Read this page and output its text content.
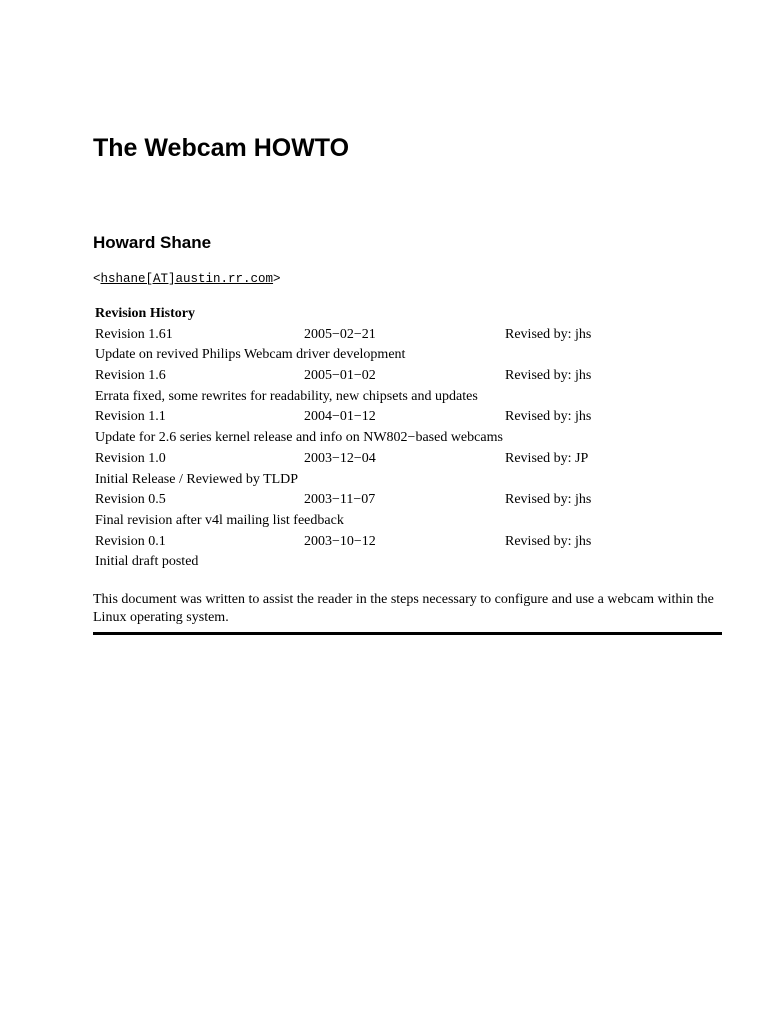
The Webcam HOWTO
Howard Shane
<hshane[AT]austin.rr.com>
Revision History
Revision 1.61	2005−02−21	Revised by: jhs
Update on revived Philips Webcam driver development
Revision 1.6	2005−01−02	Revised by: jhs
Errata fixed, some rewrites for readability, new chipsets and updates
Revision 1.1	2004−01−12	Revised by: jhs
Update for 2.6 series kernel release and info on NW802−based webcams
Revision 1.0	2003−12−04	Revised by: JP
Initial Release / Reviewed by TLDP
Revision 0.5	2003−11−07	Revised by: jhs
Final revision after v4l mailing list feedback
Revision 0.1	2003−10−12	Revised by: jhs
Initial draft posted

This document was written to assist the reader in the steps necessary to configure and use a webcam within the Linux operating system.
